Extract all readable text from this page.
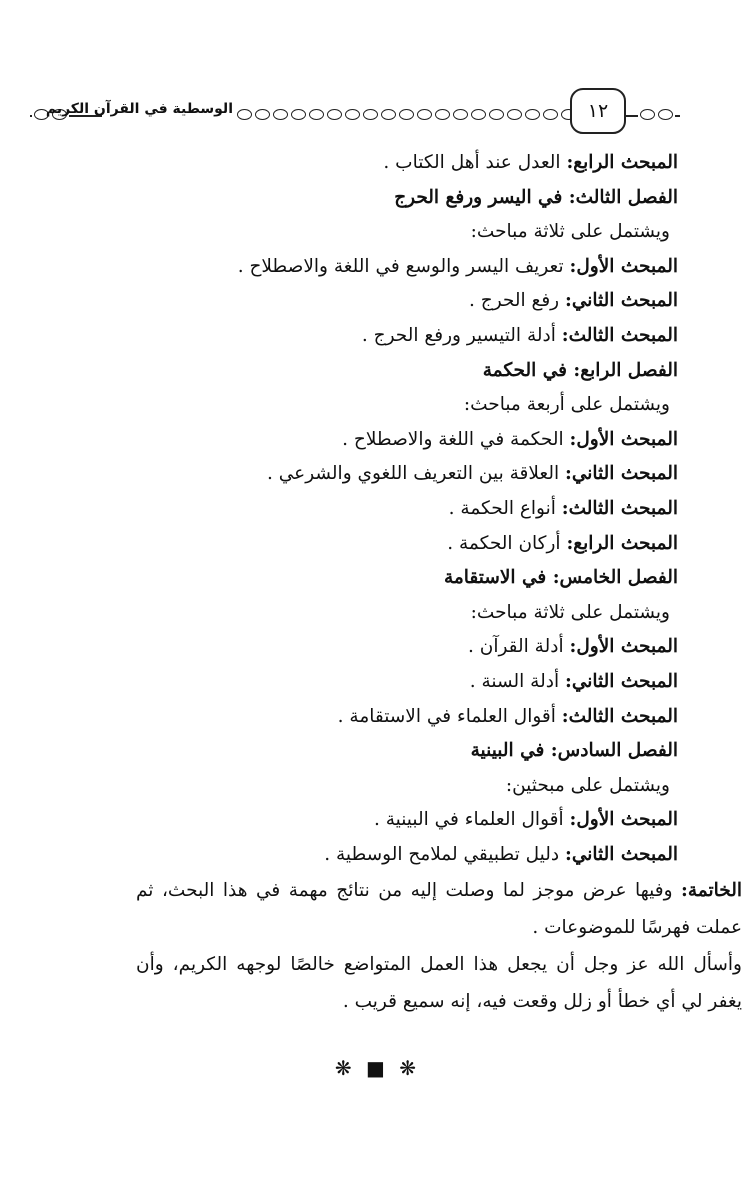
الوسطية في القرآن الكريم	١٢
المبحث الرابع: العدل عند أهل الكتاب .
الفصل الثالث: في اليسر ورفع الحرج
ويشتمل على ثلاثة مباحث:
المبحث الأول: تعريف اليسر والوسع في اللغة والاصطلاح .
المبحث الثاني: رفع الحرج .
المبحث الثالث: أدلة التيسير ورفع الحرج .
الفصل الرابع: في الحكمة
ويشتمل على أربعة مباحث:
المبحث الأول: الحكمة في اللغة والاصطلاح .
المبحث الثاني: العلاقة بين التعريف اللغوي والشرعي .
المبحث الثالث: أنواع الحكمة .
المبحث الرابع: أركان الحكمة .
الفصل الخامس: في الاستقامة
ويشتمل على ثلاثة مباحث:
المبحث الأول: أدلة القرآن .
المبحث الثاني: أدلة السنة .
المبحث الثالث: أقوال العلماء في الاستقامة .
الفصل السادس: في البينية
ويشتمل على مبحثين:
المبحث الأول: أقوال العلماء في البينية .
المبحث الثاني: دليل تطبيقي لملامح الوسطية .
الخاتمة: وفيها عرض موجز لما وصلت إليه من نتائج مهمة في هذا البحث، ثم عملت فهرسًا للموضوعات .
وأسأل الله عز وجل أن يجعل هذا العمل المتواضع خالصًا لوجهه الكريم، وأن يغفر لي أي خطأ أو زلل وقعت فيه، إنه سميع قريب .
❋ ■ ❋
